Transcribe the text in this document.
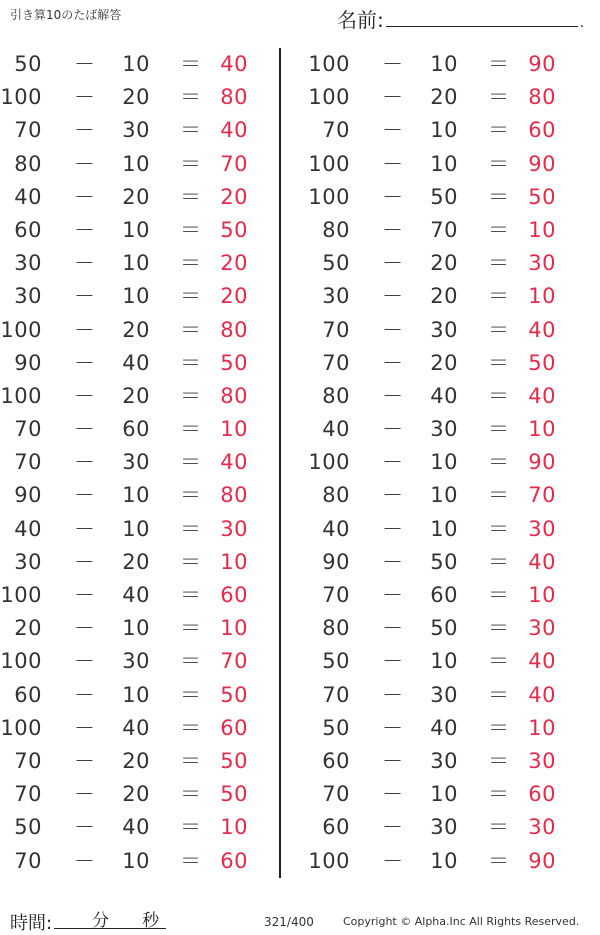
引き算10のたば解答	名前:	.
50 － 10 ＝ 40
100 － 20 ＝ 80
70 － 30 ＝ 40
80 － 10 ＝ 70
40 － 20 ＝ 20
60 － 10 ＝ 50
30 － 10 ＝ 20
30 － 10 ＝ 20
100 － 20 ＝ 80
90 － 40 ＝ 50
100 － 20 ＝ 80
70 － 60 ＝ 10
70 － 30 ＝ 40
90 － 10 ＝ 80
40 － 10 ＝ 30
30 － 20 ＝ 10
100 － 40 ＝ 60
20 － 10 ＝ 10
100 － 30 ＝ 70
60 － 10 ＝ 50
100 － 40 ＝ 60
70 － 20 ＝ 50
70 － 20 ＝ 50
50 － 40 ＝ 10
70 － 10 ＝ 60
100 － 10 ＝ 90
100 － 20 ＝ 80
70 － 10 ＝ 60
100 － 10 ＝ 90
100 － 50 ＝ 50
80 － 70 ＝ 10
50 － 20 ＝ 30
30 － 20 ＝ 10
70 － 30 ＝ 40
70 － 20 ＝ 50
80 － 40 ＝ 40
40 － 30 ＝ 10
100 － 10 ＝ 90
80 － 10 ＝ 70
40 － 10 ＝ 30
90 － 50 ＝ 40
70 － 60 ＝ 10
80 － 50 ＝ 30
50 － 10 ＝ 40
70 － 30 ＝ 40
50 － 40 ＝ 10
60 － 30 ＝ 30
70 － 10 ＝ 60
60 － 30 ＝ 30
100 － 10 ＝ 90
時間: 分 秒	321/400	Copyright © Alpha.Inc All Rights Reserved.
